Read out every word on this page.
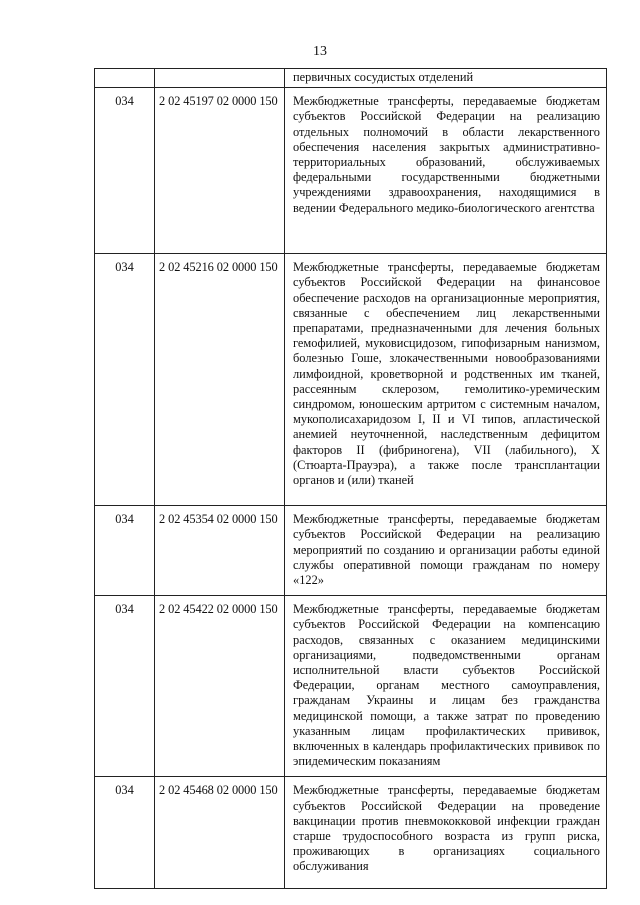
13
		первичных сосудистых отделений
034	2 02 45197 02 0000 150	Межбюджетные трансферты, передаваемые бюджетам субъектов Российской Федерации на реализацию отдельных полномочий в области лекарственного обеспечения населения закрытых административно-территориальных образований, обслуживаемых федеральными государственными бюджетными учреждениями здравоохранения, находящимися в ведении Федерального медико-биологического агентства
034	2 02 45216 02 0000 150	Межбюджетные трансферты, передаваемые бюджетам субъектов Российской Федерации на финансовое обеспечение расходов на организационные мероприятия, связанные с обеспечением лиц лекарственными препаратами, предназначенными для лечения больных гемофилией, муковисцидозом, гипофизарным нанизмом, болезнью Гоше, злокачественными новообразованиями лимфоидной, кроветворной и родственных им тканей, рассеянным склерозом, гемолитико-уремическим синдромом, юношеским артритом с системным началом, мукополисахаридозом I, II и VI типов, апластической анемией неуточненной, наследственным дефицитом факторов II (фибриногена), VII (лабильного), X (Стюарта-Прауэра), а также после трансплантации органов и (или) тканей
034	2 02 45354 02 0000 150	Межбюджетные трансферты, передаваемые бюджетам субъектов Российской Федерации на реализацию мероприятий по созданию и организации работы единой службы оперативной помощи гражданам по номеру «122»
034	2 02 45422 02 0000 150	Межбюджетные трансферты, передаваемые бюджетам субъектов Российской Федерации на компенсацию расходов, связанных с оказанием медицинскими организациями, подведомственными органам исполнительной власти субъектов Российской Федерации, органам местного самоуправления, гражданам Украины и лицам без гражданства медицинской помощи, а также затрат по проведению указанным лицам профилактических прививок, включенных в календарь профилактических прививок по эпидемическим показаниям
034	2 02 45468 02 0000 150	Межбюджетные трансферты, передаваемые бюджетам субъектов Российской Федерации на проведение вакцинации против пневмококковой инфекции граждан старше трудоспособного возраста из групп риска, проживающих в организациях социального обслуживания
